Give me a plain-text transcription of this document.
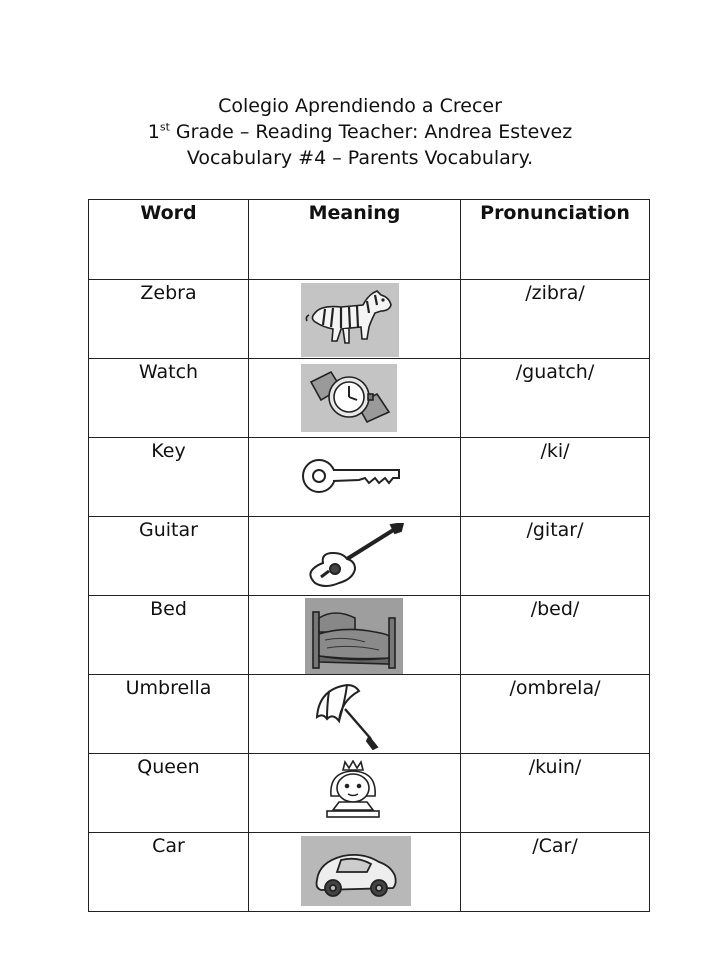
Colegio Aprendiendo a Crecer
1st Grade – Reading Teacher: Andrea Estevez
Vocabulary #4 – Parents Vocabulary.
Word	Meaning	Pronunciation
Zebra		/zibra/
Watch		/guatch/
Key		/ki/
Guitar		/gitar/
Bed		/bed/
Umbrella		/ombrela/
Queen		/kuin/
Car		/Car/
